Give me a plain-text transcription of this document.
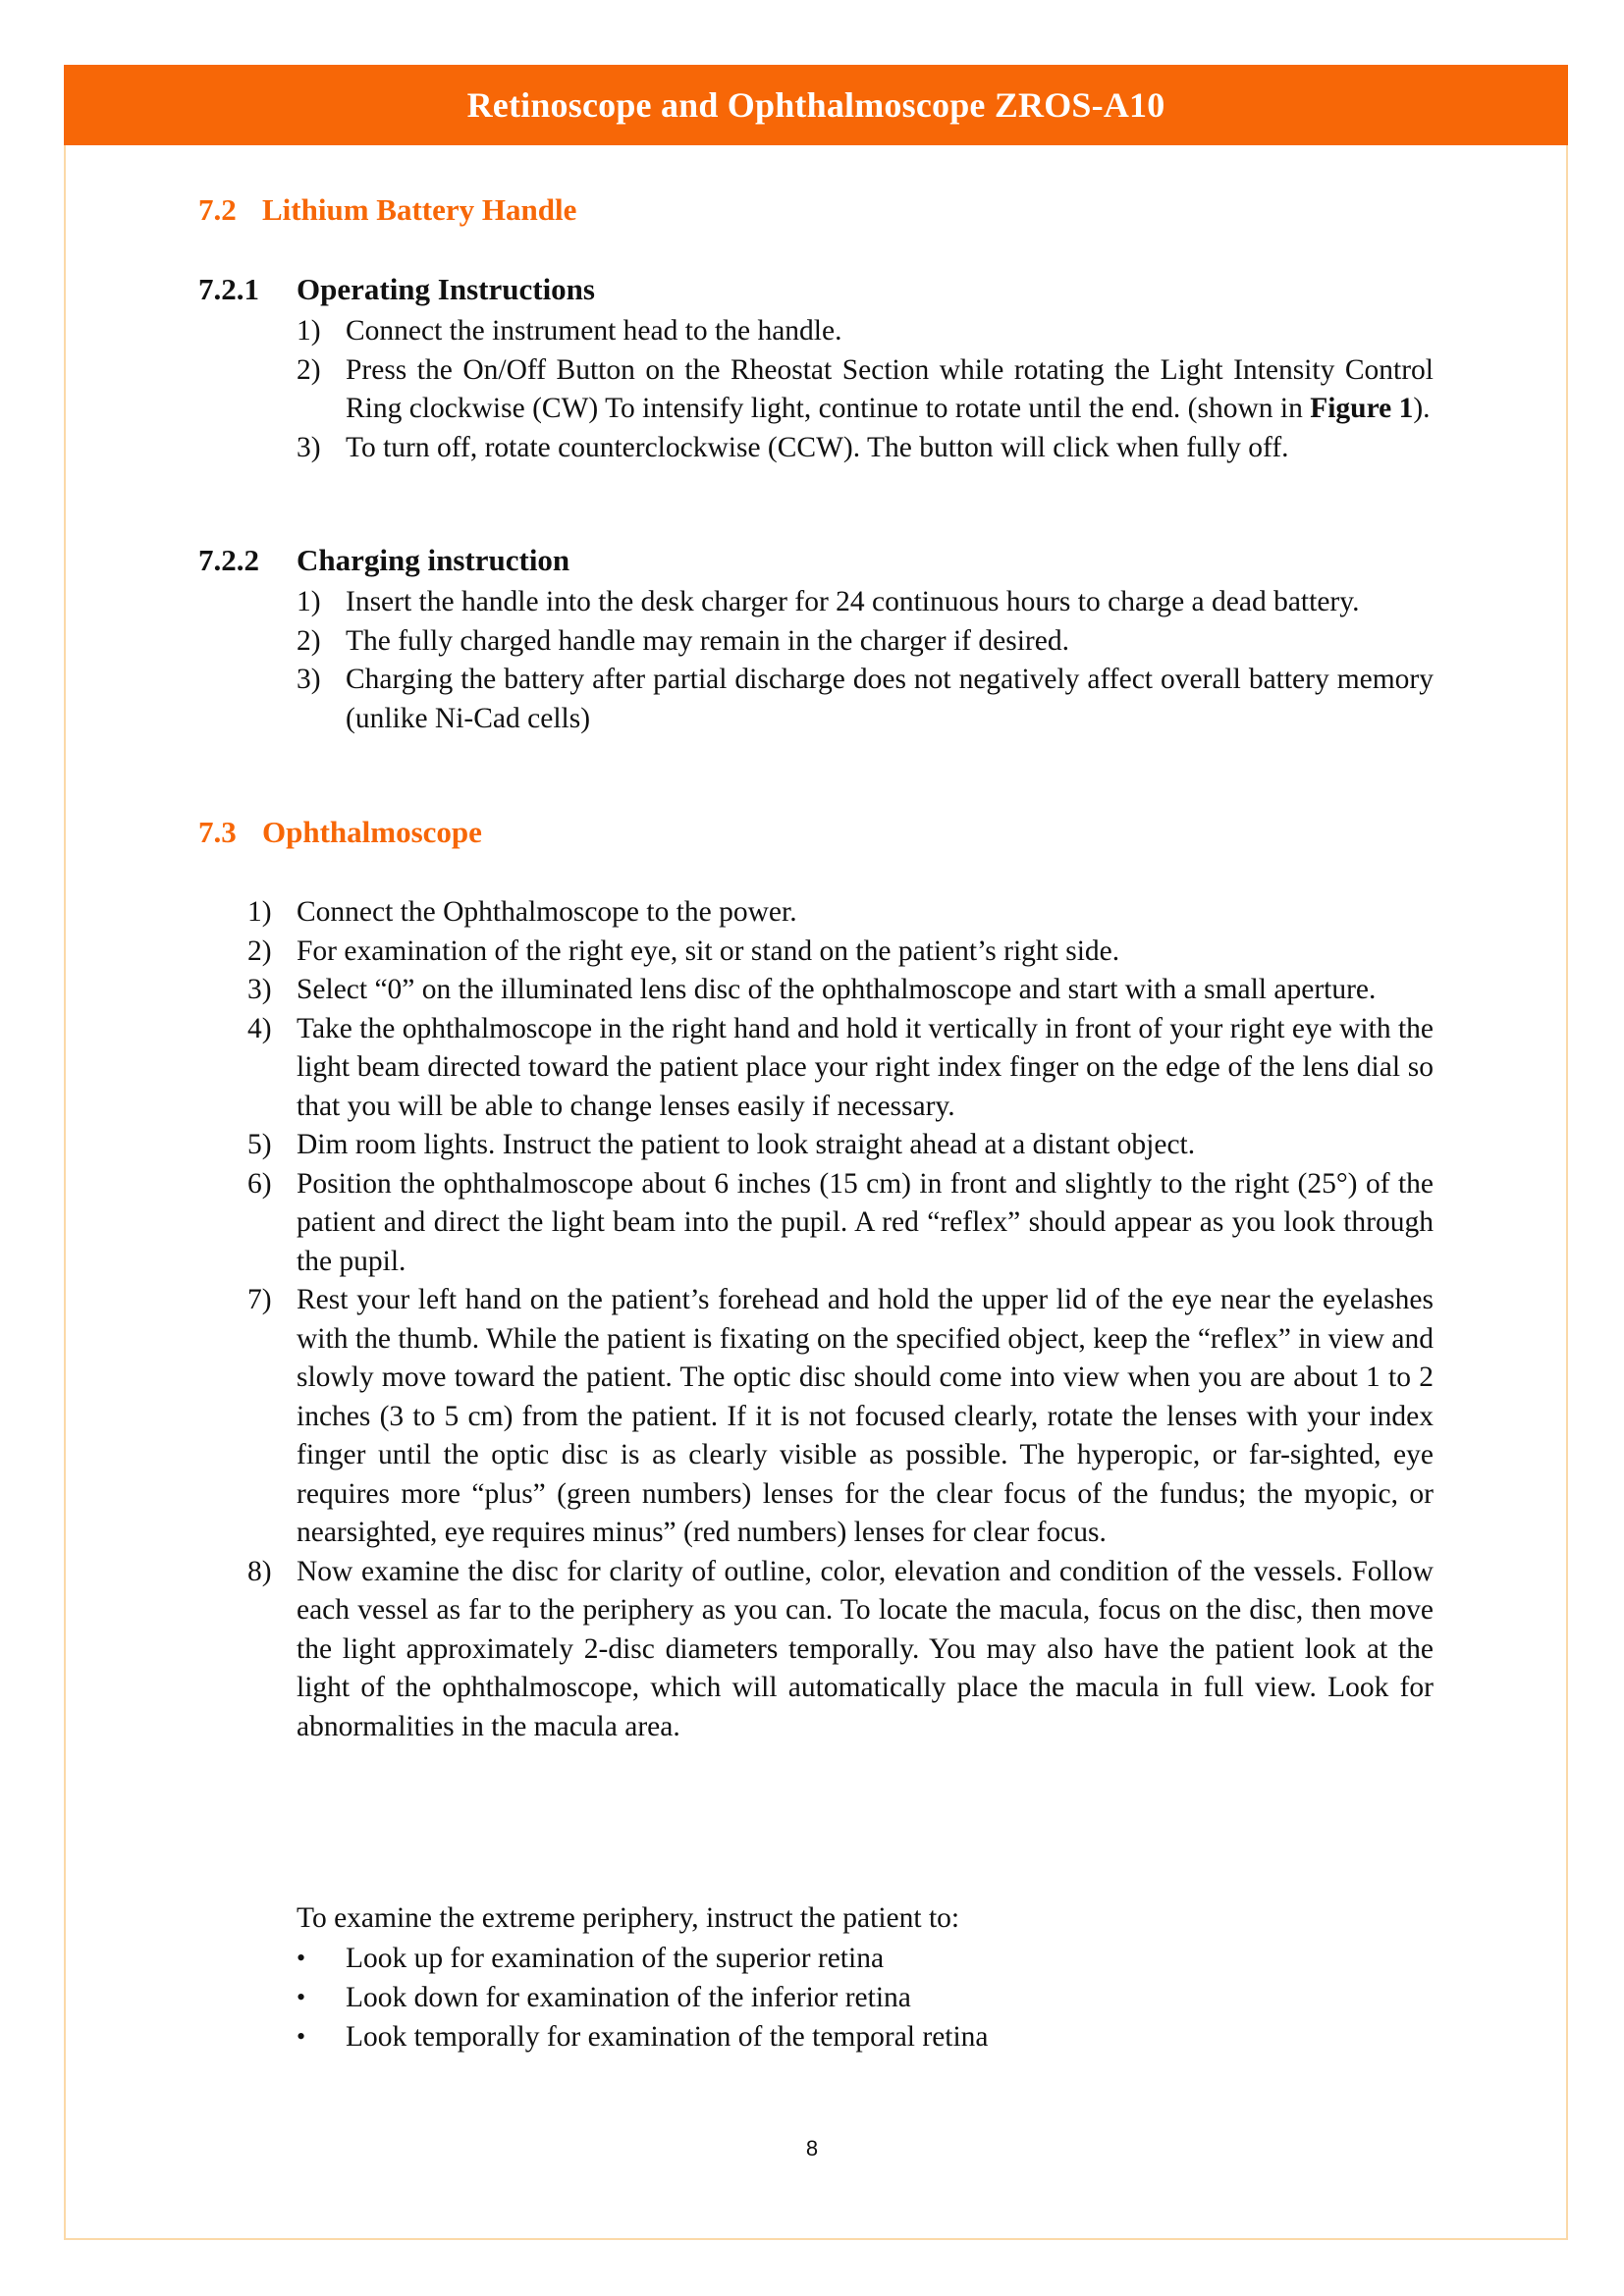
Retinoscope and Ophthalmoscope ZROS-A10
7.2 Lithium Battery Handle
7.2.1 Operating Instructions
1) Connect the instrument head to the handle.
2) Press the On/Off Button on the Rheostat Section while rotating the Light Intensity Control Ring clockwise (CW) To intensify light, continue to rotate until the end. (shown in Figure 1).
3) To turn off, rotate counterclockwise (CCW). The button will click when fully off.
7.2.2 Charging instruction
1) Insert the handle into the desk charger for 24 continuous hours to charge a dead battery.
2) The fully charged handle may remain in the charger if desired.
3) Charging the battery after partial discharge does not negatively affect overall battery memory (unlike Ni-Cad cells)
7.3 Ophthalmoscope
1) Connect the Ophthalmoscope to the power.
2) For examination of the right eye, sit or stand on the patient’s right side.
3) Select “0” on the illuminated lens disc of the ophthalmoscope and start with a small aperture.
4) Take the ophthalmoscope in the right hand and hold it vertically in front of your right eye with the light beam directed toward the patient place your right index finger on the edge of the lens dial so that you will be able to change lenses easily if necessary.
5) Dim room lights. Instruct the patient to look straight ahead at a distant object.
6) Position the ophthalmoscope about 6 inches (15 cm) in front and slightly to the right (25°) of the patient and direct the light beam into the pupil. A red “reflex” should appear as you look through the pupil.
7) Rest your left hand on the patient’s forehead and hold the upper lid of the eye near the eyelashes with the thumb. While the patient is fixating on the specified object, keep the “reflex” in view and slowly move toward the patient. The optic disc should come into view when you are about 1 to 2 inches (3 to 5 cm) from the patient. If it is not focused clearly, rotate the lenses with your index finger until the optic disc is as clearly visible as possible. The hyperopic, or far-sighted, eye requires more “plus” (green numbers) lenses for the clear focus of the fundus; the myopic, or nearsighted, eye requires minus” (red numbers) lenses for clear focus.
8) Now examine the disc for clarity of outline, color, elevation and condition of the vessels. Follow each vessel as far to the periphery as you can. To locate the macula, focus on the disc, then move the light approximately 2-disc diameters temporally. You may also have the patient look at the light of the ophthalmoscope, which will automatically place the macula in full view. Look for abnormalities in the macula area.
To examine the extreme periphery, instruct the patient to:
• Look up for examination of the superior retina
• Look down for examination of the inferior retina
• Look temporally for examination of the temporal retina
8
